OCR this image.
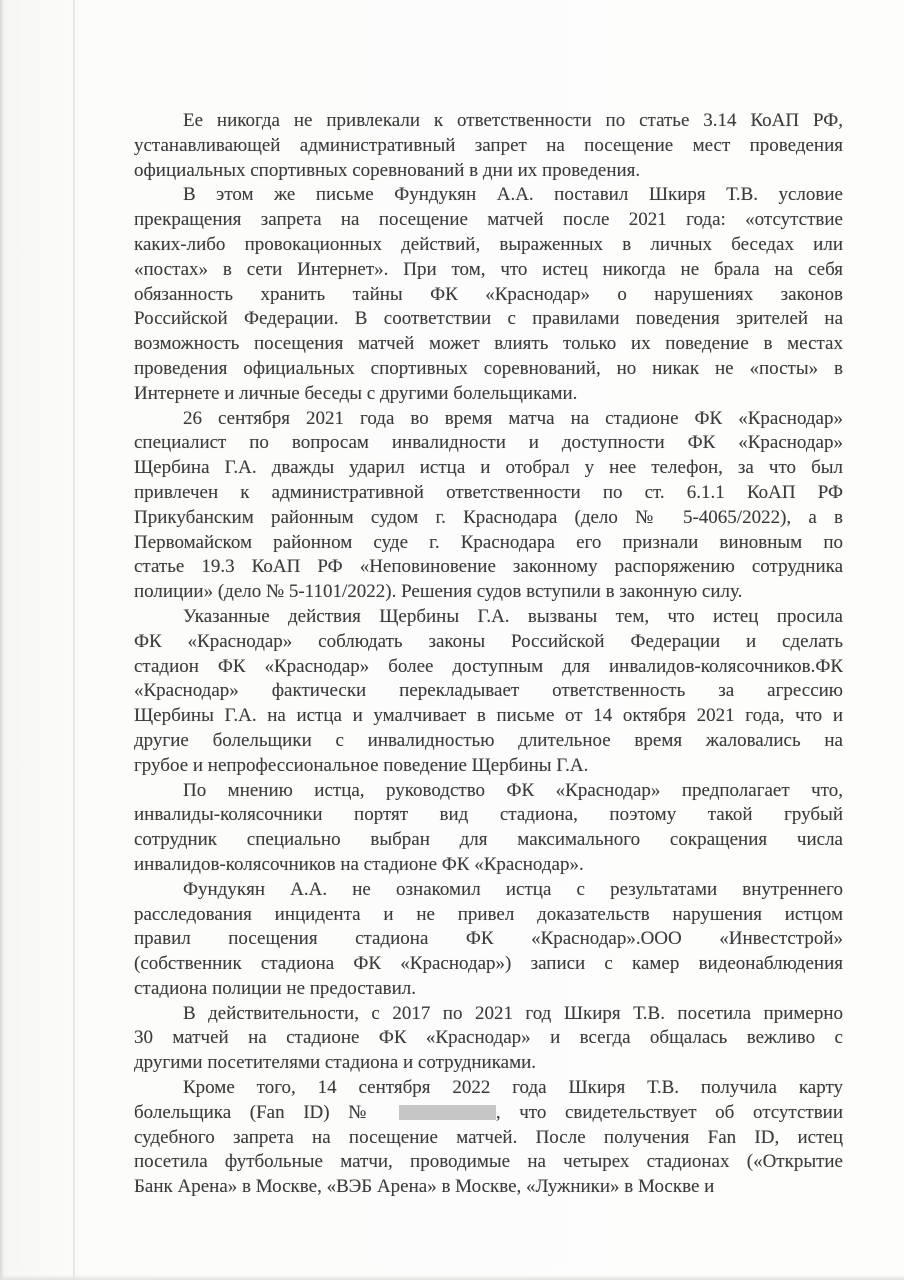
Ее никогда не привлекали к ответственности по статье 3.14 КоАП РФ,
устанавливающей административный запрет на посещение мест проведения
официальных спортивных соревнований в дни их проведения.
В этом же письме Фундукян А.А. поставил Шкиря Т.В. условие
прекращения запрета на посещение матчей после 2021 года: «отсутствие
каких-либо провокационных действий, выраженных в личных беседах или
«постах» в сети Интернет». При том, что истец никогда не брала на себя
обязанность хранить тайны ФК «Краснодар» о нарушениях законов
Российской Федерации. В соответствии с правилами поведения зрителей на
возможность посещения матчей может влиять только их поведение в местах
проведения официальных спортивных соревнований, но никак не «посты» в
Интернете и личные беседы с другими болельщиками.
26 сентября 2021 года во время матча на стадионе ФК «Краснодар»
специалист по вопросам инвалидности и доступности ФК «Краснодар»
Щербина Г.А. дважды ударил истца и отобрал у нее телефон, за что был
привлечен к административной ответственности по ст. 6.1.1 КоАП РФ
Прикубанским районным судом г. Краснодара (дело № 5-4065/2022), а в
Первомайском районном суде г. Краснодара его признали виновным по
статье 19.3 КоАП РФ «Неповиновение законному распоряжению сотрудника
полиции» (дело № 5-1101/2022). Решения судов вступили в законную силу.
Указанные действия Щербины Г.А. вызваны тем, что истец просила
ФК «Краснодар» соблюдать законы Российской Федерации и сделать
стадион ФК «Краснодар» более доступным для инвалидов-колясочников.ФК
«Краснодар» фактически перекладывает ответственность за агрессию
Щербины Г.А. на истца и умалчивает в письме от 14 октября 2021 года, что и
другие болельщики с инвалидностью длительное время жаловались на
грубое и непрофессиональное поведение Щербины Г.А.
По мнению истца, руководство ФК «Краснодар» предполагает что,
инвалиды-колясочники портят вид стадиона, поэтому такой грубый
сотрудник специально выбран для максимального сокращения числа
инвалидов-колясочников на стадионе ФК «Краснодар».
Фундукян А.А. не ознакомил истца с результатами внутреннего
расследования инцидента и не привел доказательств нарушения истцом
правил посещения стадиона ФК «Краснодар».ООО «Инвестстрой»
(собственник стадиона ФК «Краснодар») записи с камер видеонаблюдения
стадиона полиции не предоставил.
В действительности, с 2017 по 2021 год Шкиря Т.В. посетила примерно
30 матчей на стадионе ФК «Краснодар» и всегда общалась вежливо с
другими посетителями стадиона и сотрудниками.
Кроме того, 14 сентября 2022 года Шкиря Т.В. получила карту
болельщика (Fan ID) №	, что свидетельствует об отсутствии
судебного запрета на посещение матчей. После получения Fan ID, истец
посетила футбольные матчи, проводимые на четырех стадионах («Открытие
Банк Арена» в Москве, «ВЭБ Арена» в Москве, «Лужники» в Москве и
